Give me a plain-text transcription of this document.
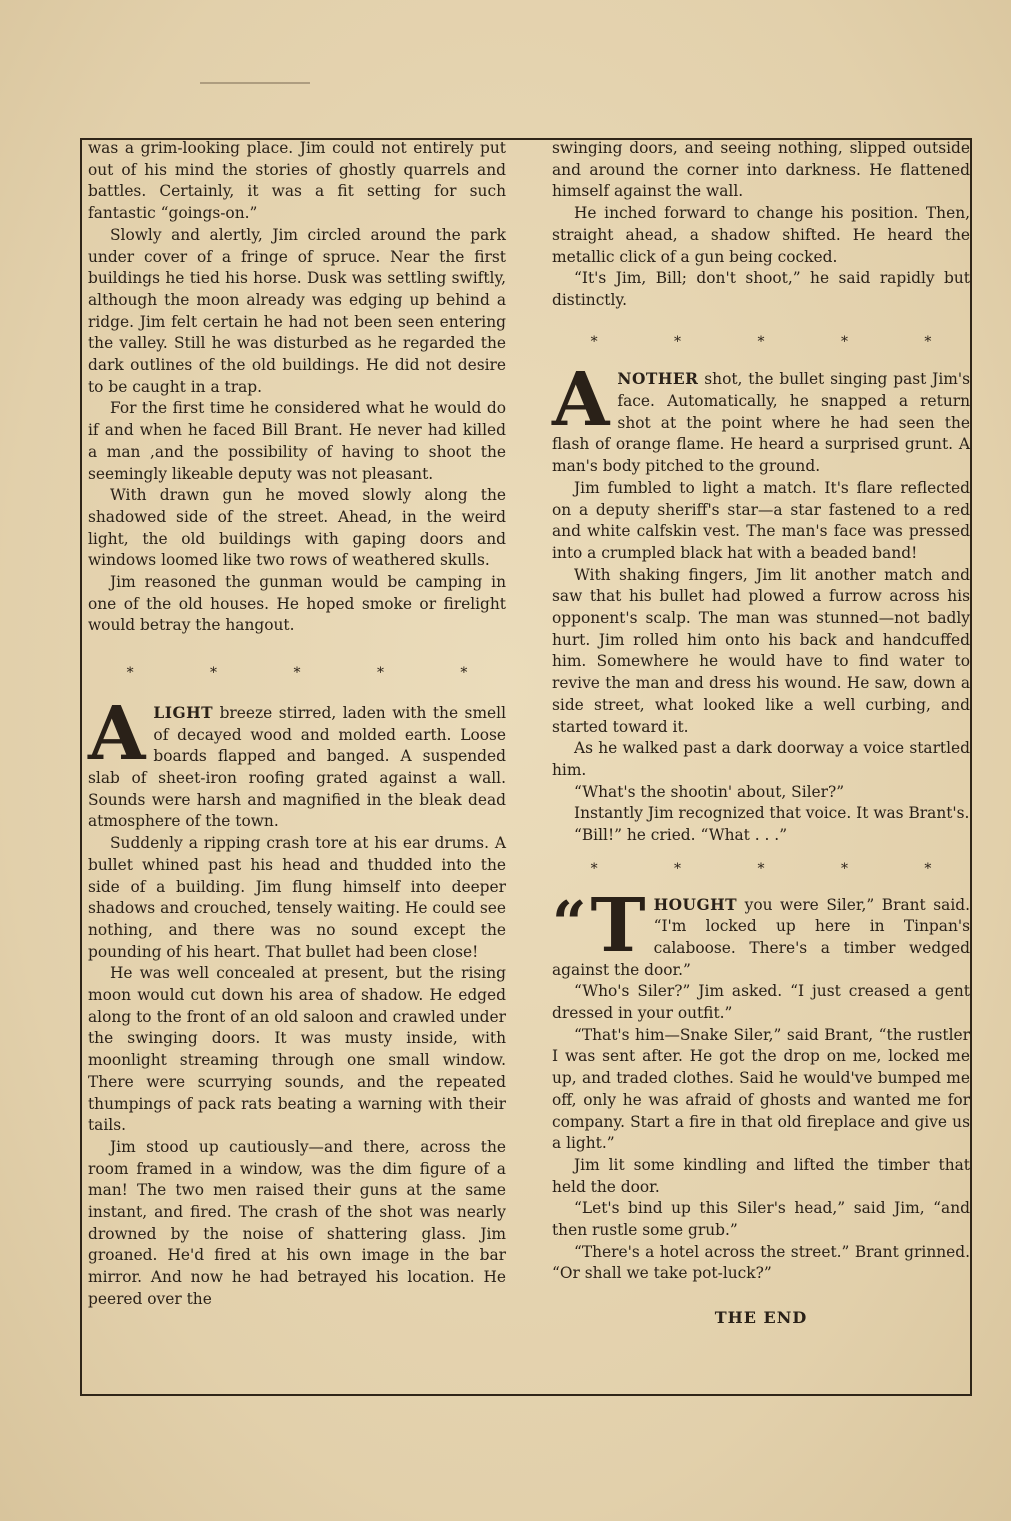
was a grim-looking place. Jim could not entirely put out of his mind the stories of ghostly quarrels and battles. Certainly, it was a fit setting for such fantastic “goings-on.”

Slowly and alertly, Jim circled around the park under cover of a fringe of spruce. Near the first buildings he tied his horse. Dusk was settling swiftly, although the moon already was edging up behind a ridge. Jim felt certain he had not been seen entering the valley. Still he was disturbed as he regarded the dark outlines of the old buildings. He did not desire to be caught in a trap.

For the first time he considered what he would do if and when he faced Bill Brant. He never had killed a man ,and the possibility of having to shoot the seemingly likeable deputy was not pleasant.

With drawn gun he moved slowly along the shadowed side of the street. Ahead, in the weird light, the old buildings with gaping doors and windows loomed like two rows of weathered skulls.

Jim reasoned the gunman would be camping in one of the old houses. He hoped smoke or firelight would betray the hangout.

* * * * *

ALIGHT breeze stirred, laden with the smell of decayed wood and molded earth. Loose boards flapped and banged. A suspended slab of sheet-iron roofing grated against a wall. Sounds were harsh and magnified in the bleak dead atmosphere of the town.

Suddenly a ripping crash tore at his ear drums. A bullet whined past his head and thudded into the side of a building. Jim flung himself into deeper shadows and crouched, tensely waiting. He could see nothing, and there was no sound except the pounding of his heart. That bullet had been close!

He was well concealed at present, but the rising moon would cut down his area of shadow. He edged along to the front of an old saloon and crawled under the swinging doors. It was musty inside, with moonlight streaming through one small window. There were scurrying sounds, and the repeated thumpings of pack rats beating a warning with their tails.

Jim stood up cautiously—and there, across the room framed in a window, was the dim figure of a man! The two men raised their guns at the same instant, and fired. The crash of the shot was nearly drowned by the noise of shattering glass. Jim groaned. He'd fired at his own image in the bar mirror. And now he had betrayed his location. He peered over the

swinging doors, and seeing nothing, slipped outside and around the corner into darkness. He flattened himself against the wall.

He inched forward to change his position. Then, straight ahead, a shadow shifted. He heard the metallic click of a gun being cocked.

“It's Jim, Bill; don't shoot,” he said rapidly but distinctly.

* * * * *

ANOTHER shot, the bullet singing past Jim's face. Automatically, he snapped a return shot at the point where he had seen the flash of orange flame. He heard a surprised grunt. A man's body pitched to the ground.

Jim fumbled to light a match. It's flare reflected on a deputy sheriff's star—a star fastened to a red and white calfskin vest. The man's face was pressed into a crumpled black hat with a beaded band!

With shaking fingers, Jim lit another match and saw that his bullet had plowed a furrow across his opponent's scalp. The man was stunned—not badly hurt. Jim rolled him onto his back and handcuffed him. Somewhere he would have to find water to revive the man and dress his wound. He saw, down a side street, what looked like a well curbing, and started toward it.

As he walked past a dark doorway a voice startled him.

“What's the shootin' about, Siler?”

Instantly Jim recognized that voice. It was Brant's.

“Bill!” he cried. “What . . .”

* * * * *

“ T HOUGHT you were Siler,” Brant said. “I'm locked up here in Tinpan's calaboose. There's a timber wedged against the door.”

“Who's Siler?” Jim asked. “I just creased a gent dressed in your outfit.”

“That's him—Snake Siler,” said Brant, “the rustler I was sent after. He got the drop on me, locked me up, and traded clothes. Said he would've bumped me off, only he was afraid of ghosts and wanted me for company. Start a fire in that old fireplace and give us a light.”

Jim lit some kindling and lifted the timber that held the door.

“Let's bind up this Siler's head,” said Jim, “and then rustle some grub.”

“There's a hotel across the street.” Brant grinned. “Or shall we take pot-luck?”

THE END
